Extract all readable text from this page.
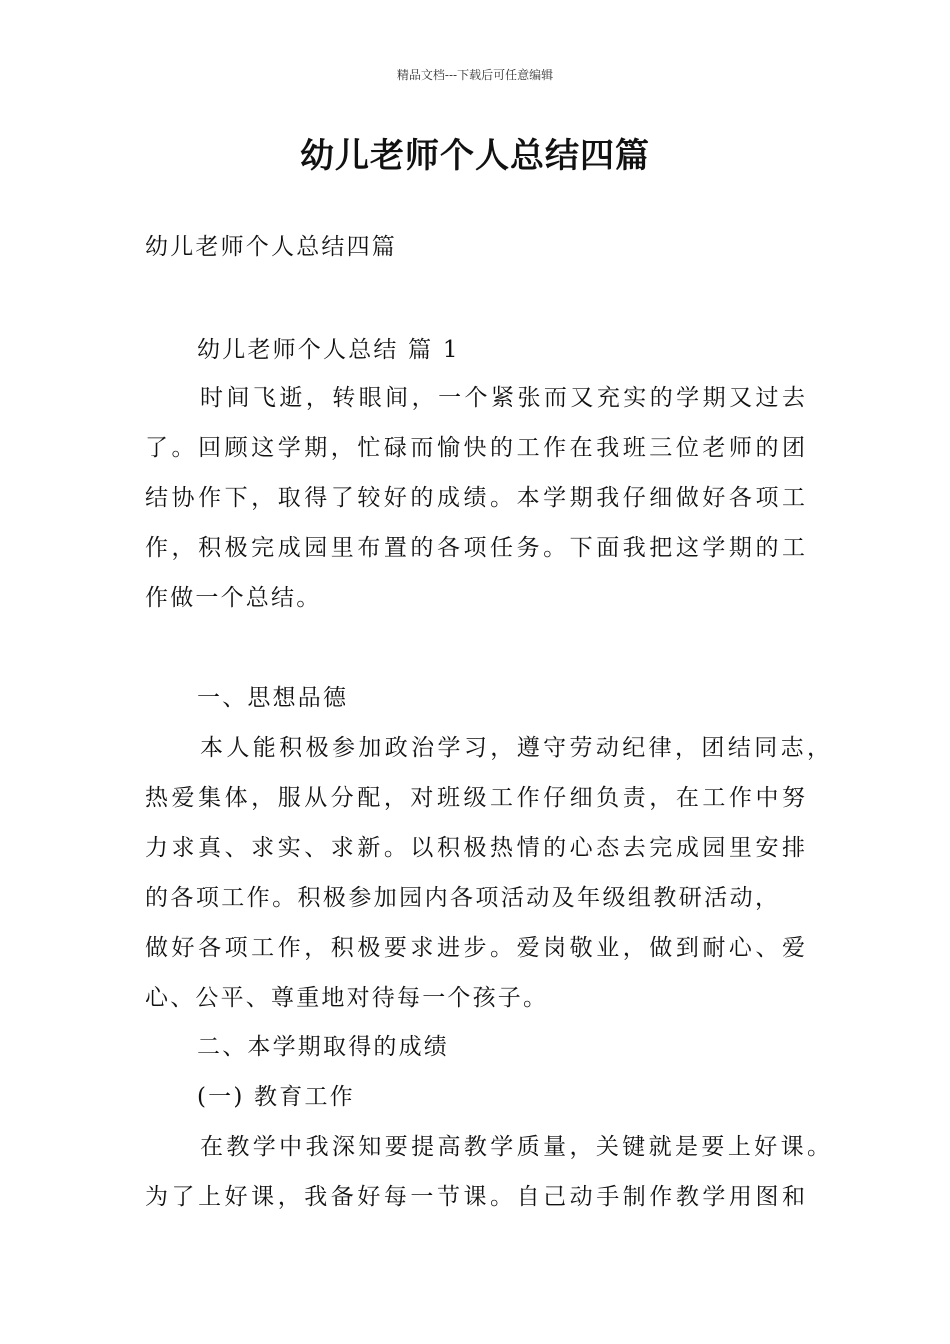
精品文档---下载后可任意编辑
幼儿老师个人总结四篇
幼儿老师个人总结四篇
幼儿老师个人总结 篇 1
时间飞逝，转眼间，一个紧张而又充实的学期又过去
了。回顾这学期，忙碌而愉快的工作在我班三位老师的团
结协作下，取得了较好的成绩。本学期我仔细做好各项工
作，积极完成园里布置的各项任务。下面我把这学期的工
作做一个总结。
一、思想品德
本人能积极参加政治学习，遵守劳动纪律，团结同志，
热爱集体，服从分配，对班级工作仔细负责，在工作中努
力求真、求实、求新。以积极热情的心态去完成园里安排
的各项工作。积极参加园内各项活动及年级组教研活动，
做好各项工作，积极要求进步。爱岗敬业，做到耐心、爱
心、公平、尊重地对待每一个孩子。
二、本学期取得的成绩
(一) 教育工作
在教学中我深知要提高教学质量，关键就是要上好课。
为了上好课，我备好每一节课。自己动手制作教学用图和
